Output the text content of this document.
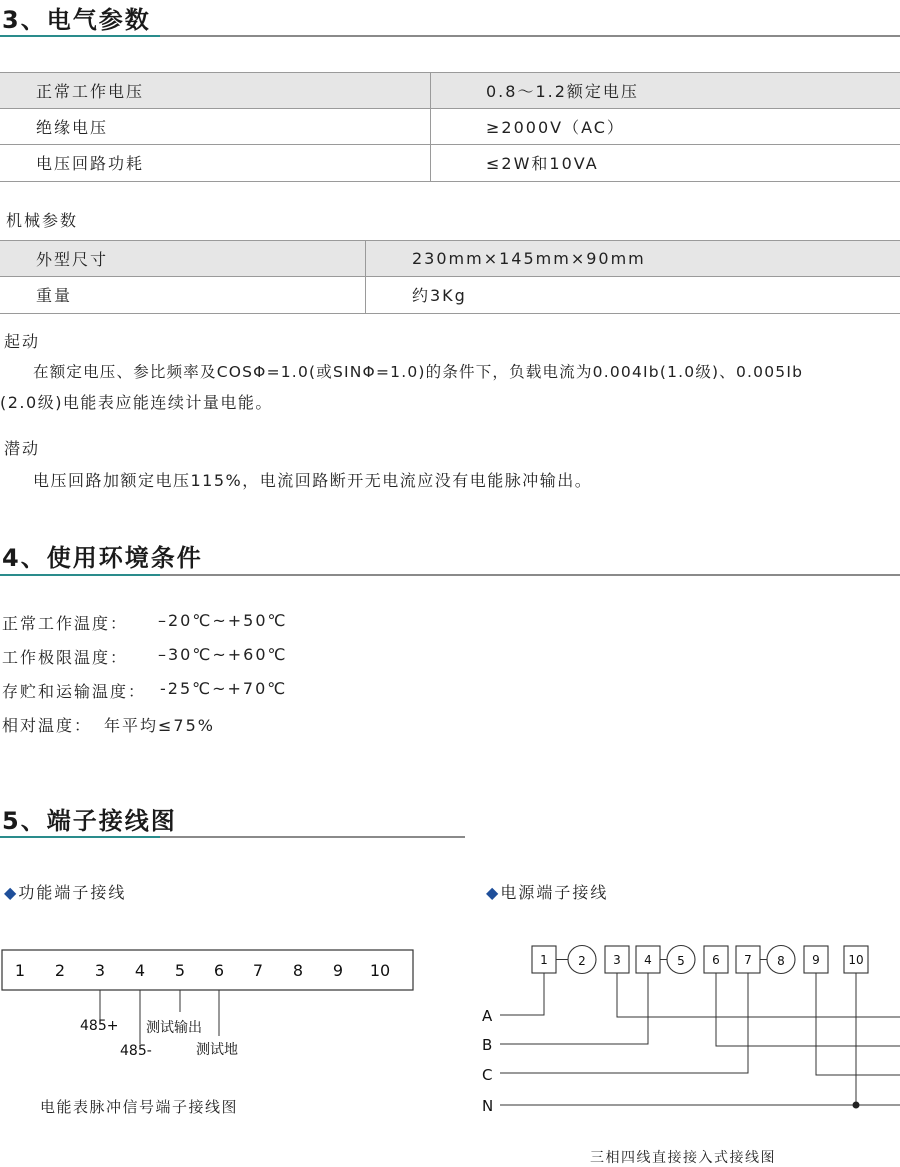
3、电气参数
正常工作电压	0.8～1.2额定电压
绝缘电压	≥2000V（AC）
电压回路功耗	≤2W和10VA
机械参数
外型尺寸	230mm×145mm×90mm
重量	约3Kg
起动
在额定电压、参比频率及COSΦ=1.0(或SINΦ=1.0)的条件下，负载电流为0.004Ib(1.0级)、0.005Ib
(2.0级)电能表应能连续计量电能。
潜动
电压回路加额定电压115%，电流回路断开无电流应没有电能脉冲输出。
4、使用环境条件
正常工作温度： –20℃~+50℃
工作极限温度： –30℃~+60℃
存贮和运输温度： -25℃~+70℃
相对温度： 年平均≤75%
5、端子接线图
◆功能端子接线	◆电源端子接线
1 2 3 4 5 6 7 8 9 10
485+
485-
测试输出
测试地
电能表脉冲信号端子接线图
1	2 3 4 5 6 7 8 9 10
A
B
C
N
三相四线直接接入式接线图
